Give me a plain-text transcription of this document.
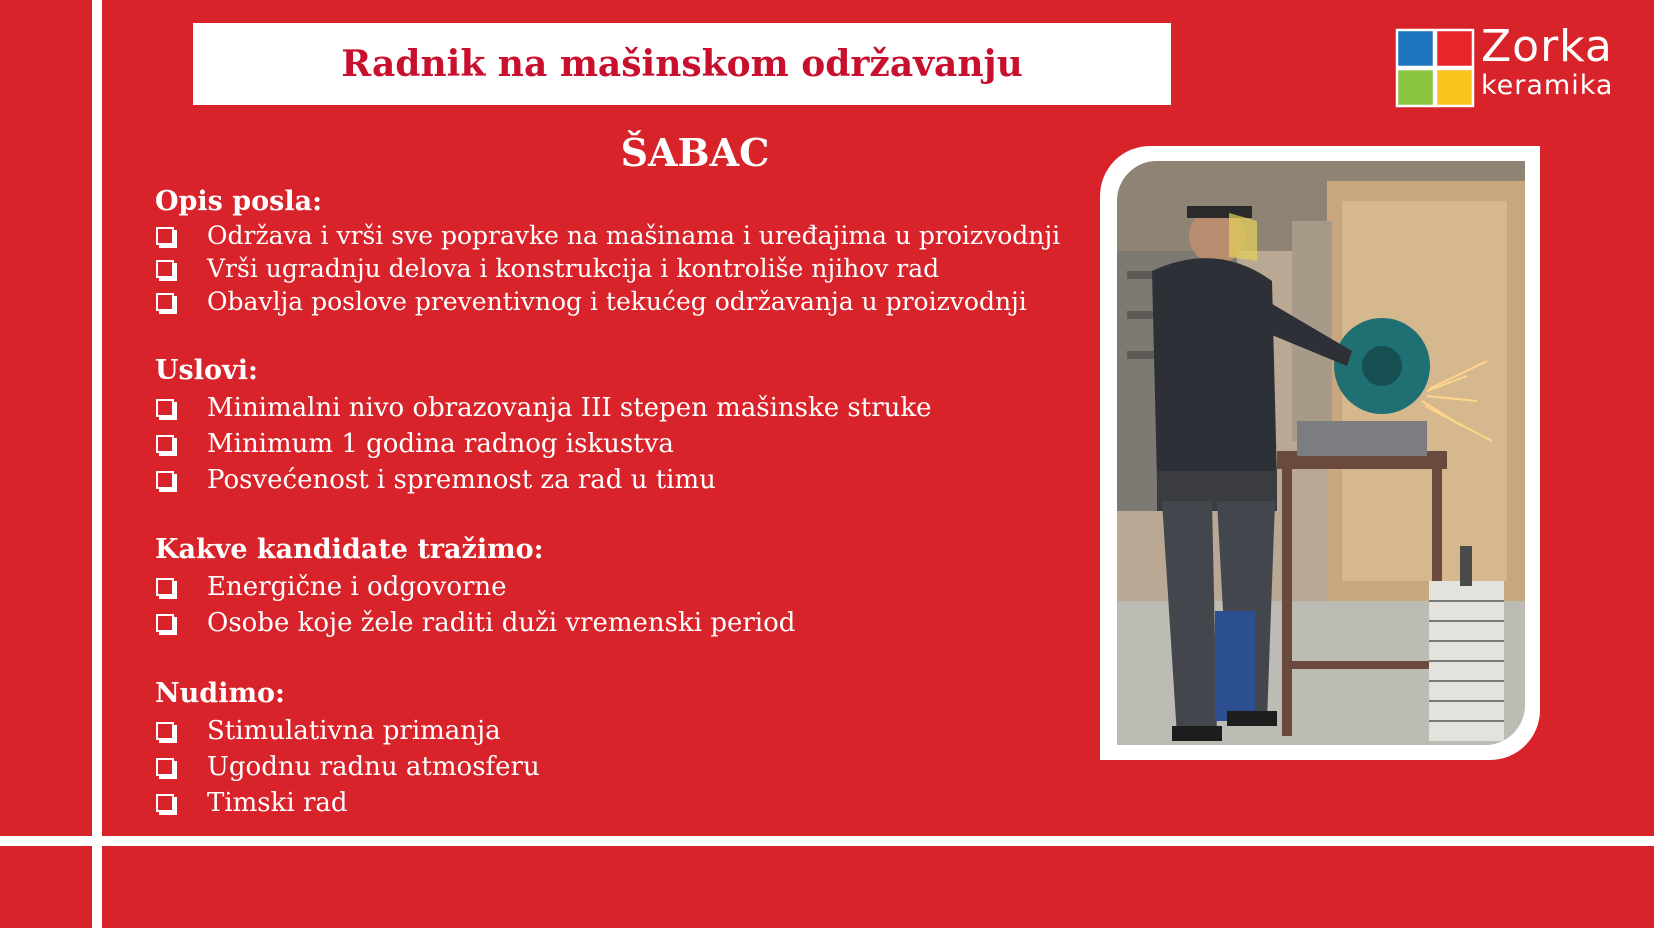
Radnik na mašinskom održavanju	Zorka
keramika
ŠABAC
Opis posla:
Održava i vrši sve popravke na mašinama i uređajima u proizvodnji
Vrši ugradnju delova i konstrukcija i kontroliše njihov rad
Obavlja poslove preventivnog i tekućeg održavanja u proizvodnji
Uslovi:
Minimalni nivo obrazovanja III stepen mašinske struke
Minimum 1 godina radnog iskustva
Posvećenost i spremnost za rad u timu
Kakve kandidate tražimo:
Energične i odgovorne
Osobe koje žele raditi duži vremenski period
Nudimo:
Stimulativna primanja
Ugodnu radnu atmosferu
Timski rad
